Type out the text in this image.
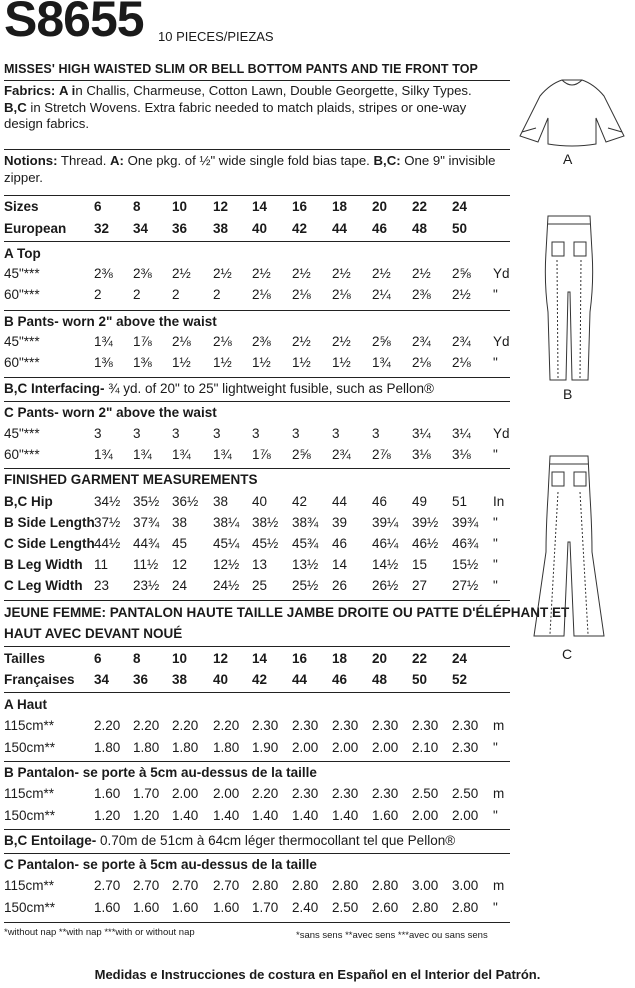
S8655 10 PIECES/PIEZAS
MISSES' HIGH WAISTED SLIM OR BELL BOTTOM PANTS AND TIE FRONT TOP
Fabrics: A in Challis, Charmeuse, Cotton Lawn, Double Georgette, Silky Types.
B,C in Stretch Wovens. Extra fabric needed to match plaids, stripes or one-way
design fabrics.
Notions: Thread. A: One pkg. of ½" wide single fold bias tape. B,C: One 9" invisible
zipper.
Sizes	6 8 10 12 14 16 18 20 22 24
European 32 34 36 38 40 42 44 46 48 50
A Top
45"***	2⅜ 2⅜ 2½ 2½ 2½ 2½ 2½ 2½ 2½ 2⅝ Yd
60"***	2 2 2 2 2⅛ 2⅛ 2⅛ 2¼ 2⅜ 2½ "
B Pants- worn 2" above the waist
45"***	1¾ 1⅞ 2⅛ 2⅛ 2⅜ 2½ 2½ 2⅝ 2¾ 2¾ Yd
60"***	1⅜ 1⅜ 1½ 1½ 1½ 1½ 1½ 1¾ 2⅛ 2⅛ "
B,C Interfacing- ¾ yd. of 20" to 25" lightweight fusible, such as Pellon®
C Pants- worn 2" above the waist
45"***	3 3 3 3 3 3 3 3 3¼ 3¼ Yd
60"***	1¾ 1¾ 1¾ 1¾ 1⅞ 2⅝ 2¾ 2⅞ 3⅛ 3⅛ "
FINISHED GARMENT MEASUREMENTS
B,C Hip	34½ 35½ 36½ 38 40 42 44 46 49 51 In
B Side Length 37½ 37¾ 38 38¼ 38½ 38¾ 39 39¼ 39½ 39¾ "
C Side Length 44½ 44¾ 45 45¼ 45½ 45¾ 46 46¼ 46½ 46¾ "
B Leg Width 11 11½ 12 12½ 13 13½ 14 14½ 15 15½ "
C Leg Width 23 23½ 24 24½ 25 25½ 26 26½ 27 27½ "
JEUNE FEMME: PANTALON HAUTE TAILLE JAMBE DROITE OU PATTE D'ÉLÉPHANT ET
HAUT AVEC DEVANT NOUÉ
Tailles	6 8 10 12 14 16 18 20 22 24
Françaises 34 36 38 40 42 44 46 48 50 52
A Haut
115cm**	2.20 2.20 2.20 2.20 2.30 2.30 2.30 2.30 2.30 2.30 m
150cm**	1.80 1.80 1.80 1.80 1.90 2.00 2.00 2.00 2.10 2.30 "
B Pantalon- se porte à 5cm au-dessus de la taille
115cm**	1.60 1.70 2.00 2.00 2.20 2.30 2.30 2.30 2.50 2.50 m
150cm**	1.20 1.20 1.40 1.40 1.40 1.40 1.40 1.60 2.00 2.00 "
B,C Entoilage- 0.70m de 51cm à 64cm léger thermocollant tel que Pellon®
C Pantalon- se porte à 5cm au-dessus de la taille
115cm**	2.70 2.70 2.70 2.70 2.80 2.80 2.80 2.80 3.00 3.00 m
150cm**	1.60 1.60 1.60 1.60 1.70 2.40 2.50 2.60 2.80 2.80 "
*without nap **with nap ***with or without nap	*sans sens **avec sens ***avec ou sans sens
Medidas e Instrucciones de costura en Español en el Interior del Patrón.
A
B
C
